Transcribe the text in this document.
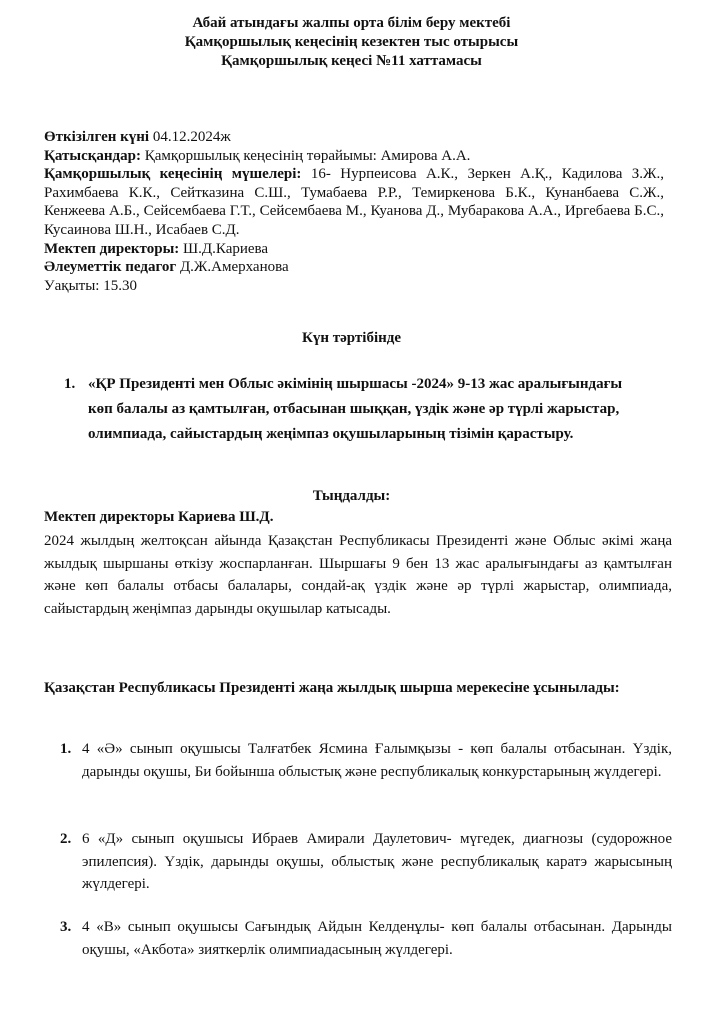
Абай атындағы жалпы орта білім беру мектебі
Қамқоршылық кеңесінің кезектен тыс отырысы
Қамқоршылық кеңесі №11 хаттамасы
Өткізілген күні 04.12.2024ж
Қатысқандар: Қамқоршылық кеңесінің төрайымы: Амирова А.А.
Қамқоршылық кеңесінің мүшелері: 16- Нурпеисова А.К., Зеркен А.Қ., Кадилова З.Ж., Рахимбаева К.К., Сейтказина С.Ш., Тумабаева Р.Р., Темиркенова Б.К., Кунанбаева С.Ж., Кенжеева А.Б., Сейсембаева Г.Т., Сейсембаева М., Куанова Д., Мубаракова А.А., Иргебаева Б.С., Кусаинова Ш.Н., Исабаев С.Д.
Мектеп директоры: Ш.Д.Кариева
Әлеуметтік педагог Д.Ж.Амерханова
Уақыты: 15.30
Күн тәртібінде
1. «ҚР Президенті мен Облыс әкімінің шыршасы -2024» 9-13 жас аралығындағы көп балалы аз қамтылған, отбасынан шыққан, үздік және әр түрлі жарыстар, олимпиада, сайыстардың жеңімпаз оқушыларының тізімін қарастыру.
Тыңдалды:
Мектеп директоры Кариева Ш.Д.
2024 жылдың желтоқсан айында Қазақстан Республикасы Президенті және Облыс әкімі жаңа жылдық шыршаны өткізу жоспарланған. Шыршағы 9 бен 13 жас аралығындағы аз қамтылған және көп балалы отбасы балалары, сондай-ақ үздік және әр түрлі жарыстар, олимпиада, сайыстардың жеңімпаз дарынды оқушылар катысады.
Қазақстан Республикасы Президенті жаңа жылдық шырша мерекесіне ұсынылады:
1. 4 «Ә» сынып оқушысы Талғатбек Ясмина Ғалымқызы - көп балалы отбасынан. Үздік, дарынды оқушы, Би бойынша облыстық және республикалық конкурстарының жүлдегері.
2. 6 «Д» сынып оқушысы Ибраев Амирали Даулетович- мүгедек, диагнозы (судорожное эпилепсия). Үздік, дарынды оқушы, облыстық және республикалық каратэ жарысының жүлдегері.
3. 4 «В» сынып оқушысы Сағындық Айдын Келденұлы- көп балалы отбасынан. Дарынды оқушы, «Акбота» зияткерлік олимпиадасының жүлдегері.
